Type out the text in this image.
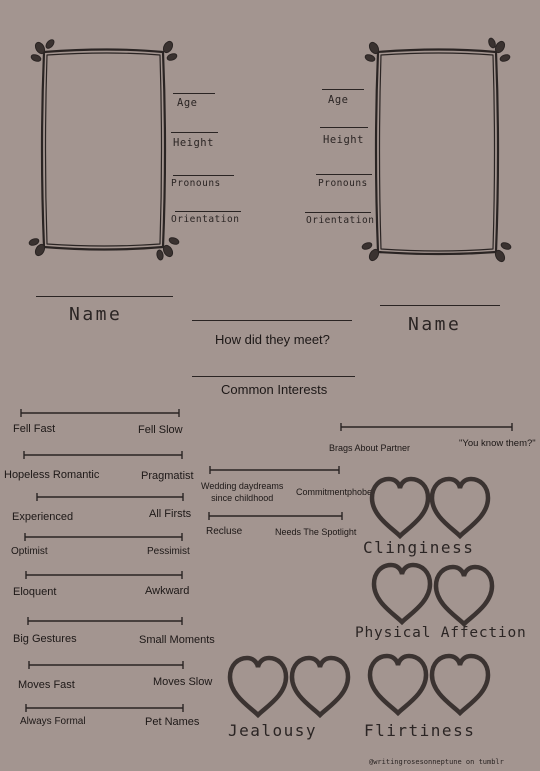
Age
Height
Pronouns
Orientation
Age
Height
Pronouns
Orientation
Name	Name
How did they meet?
Common Interests
Fell Fast	Fell Slow
Hopeless Romantic	Pragmatist
Experienced	All Firsts
Optimist	Pessimist
Eloquent	Awkward
Big Gestures	Small Moments
Moves Fast	Moves Slow
Always Formal	Pet Names
Wedding daydreams
since childhood
Commitmentphobe
Recluse	Needs The Spotlight
Brags About Partner	"You know them?"
Clinginess
Physical Affection
Jealousy	Flirtiness
@writingrosesonneptune on tumblr
